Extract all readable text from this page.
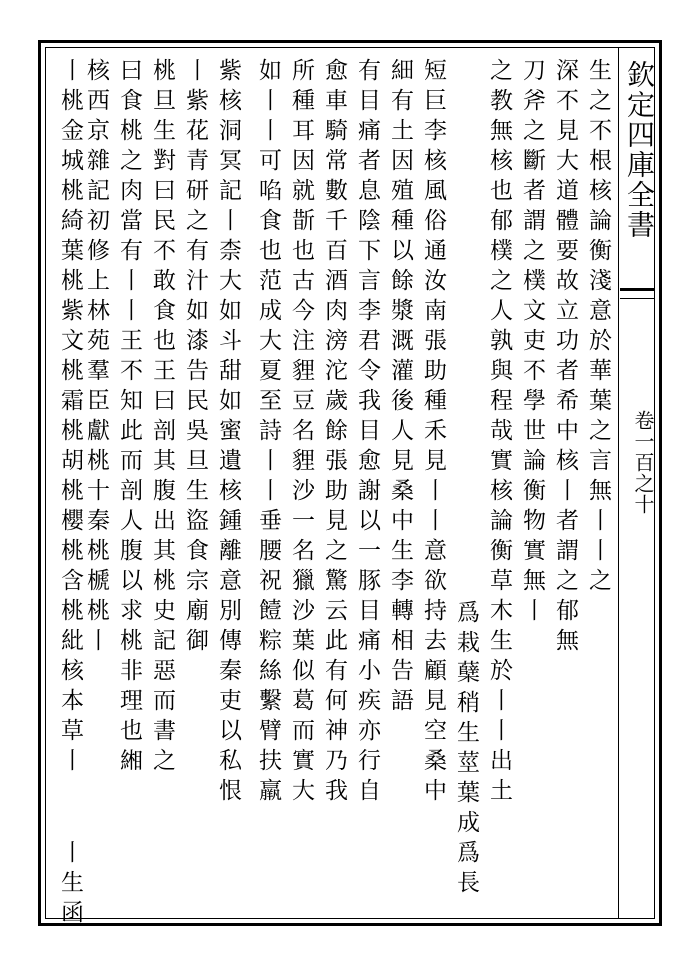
欽定四庫全書
卷一百之十
生之不根核論衡淺意於華葉之言無丨丨之
深不見大道體要故立功者希中核丨者謂之郁無
刀斧之斷者謂之樸文吏不學世論衡物實無丨
之教無核也郁樸之人孰與程哉實核論衡草木生於丨丨出土
爲栽蘖稍生莖葉成爲長
短巨李核風俗通汝南張助種禾見丨丨意欲持去顧見空桑中
細有土因殖種以餘漿溉灌後人見桑中生李轉相告語
有目痛者息陰下言李君令我目愈謝以一豚目痛小疾亦行自
愈車騎常數千百酒肉滂沱歲餘張助見之驚云此有何神乃我
所種耳因就斮也古今注貍豆名貍沙一名獵沙葉似葛而實大
如丨丨可啗食也范成大夏至詩丨丨垂腰祝饐粽絲繫臂扶羸
紫核洞冥記丨柰大如斗甜如蜜遺核鍾離意別傳秦吏以私恨
丨紫花青研之有汁如漆告民吳旦生盜食宗廟御
桃旦生對曰民不敢食也王曰剖其腹出其桃史記惡而書之
曰食桃之肉當有丨丨王不知此而剖人腹以求桃非理也緗
核西京雜記初修上林苑羣臣獻桃十秦桃榹桃丨
丨桃金城桃綺葉桃紫文桃霜桃胡桃櫻桃含桃紕核本草丨
丨生函
